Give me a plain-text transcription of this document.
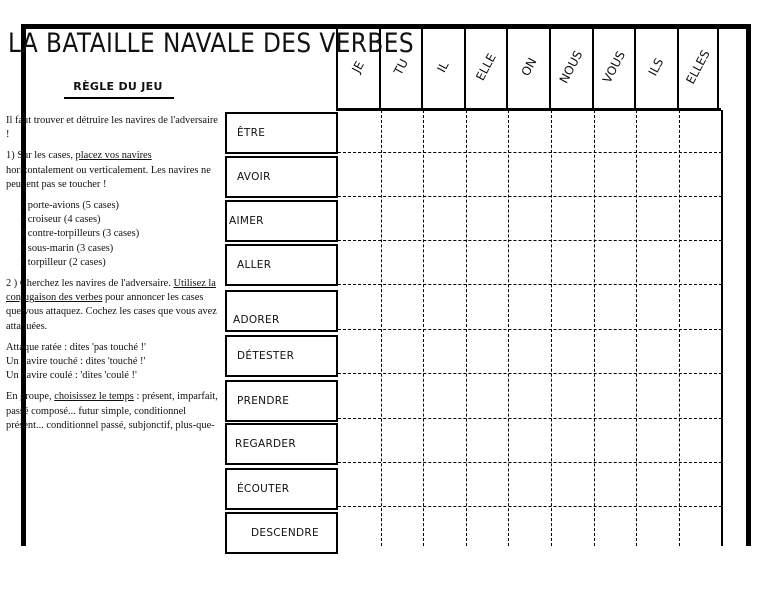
LA BATAILLE NAVALE DES VERBES
RÈGLE DU JEU

Il faut trouver et détruire les navires de l'adversaire !

1) Sur les cases, placez vos navires horizontalement ou verticalement. Les navires ne peuvent pas se toucher !

1 porte-avions (5 cases)
1 croiseur (4 cases)
1 contre-torpilleurs (3 cases)
1 sous-marin (3 cases)
1 torpilleur (2 cases)

2 ) Cherchez les navires de l'adversaire. Utilisez la conjugaison des verbes pour annoncer les cases que vous attaquez. Cochez les cases que vous avez attaquées.

Attaque ratée : dites 'pas touché !'
Un navire touché : dites 'touché !'
Un navire coulé : 'dites 'coulé !'

En groupe, choisissez le temps : présent, imparfait, passé composé... futur simple, conditionnel présent... conditionnel passé, subjonctif, plus-que-

JE TU IL ELLE ON NOUS VOUS ILS ELLES
ÊTRE
AVOIR
AIMER
ALLER
ADORER
DÉTESTER
PRENDRE
REGARDER
ÉCOUTER
DESCENDRE
